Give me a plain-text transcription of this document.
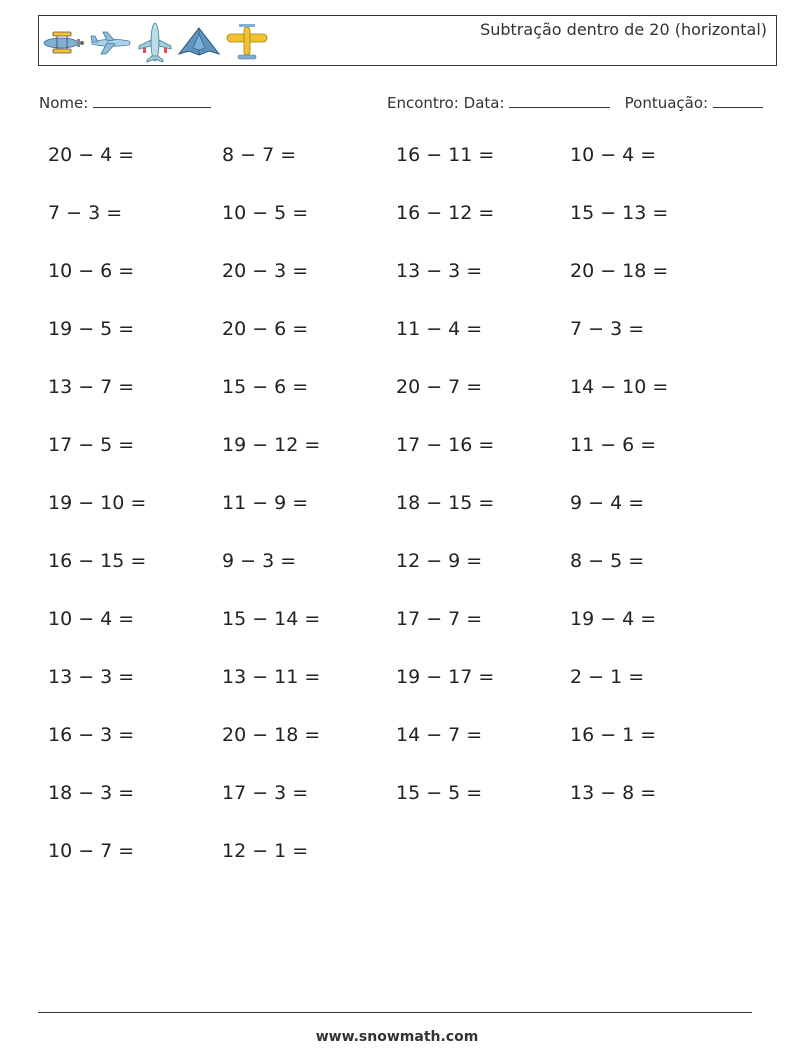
Subtração dentro de 20 (horizontal)
Nome:	Encontro: Data:	Pontuação:
20 − 4 =	8 − 7 =	16 − 11 =	10 − 4 =
7 − 3 =	10 − 5 =	16 − 12 =	15 − 13 =
10 − 6 =	20 − 3 =	13 − 3 =	20 − 18 =
19 − 5 =	20 − 6 =	11 − 4 =	7 − 3 =
13 − 7 =	15 − 6 =	20 − 7 =	14 − 10 =
17 − 5 =	19 − 12 =	17 − 16 =	11 − 6 =
19 − 10 =	11 − 9 =	18 − 15 =	9 − 4 =
16 − 15 =	9 − 3 =	12 − 9 =	8 − 5 =
10 − 4 =	15 − 14 =	17 − 7 =	19 − 4 =
13 − 3 =	13 − 11 =	19 − 17 =	2 − 1 =
16 − 3 =	20 − 18 =	14 − 7 =	16 − 1 =
18 − 3 =	17 − 3 =	15 − 5 =	13 − 8 =
10 − 7 =	12 − 1 =
www.snowmath.com
